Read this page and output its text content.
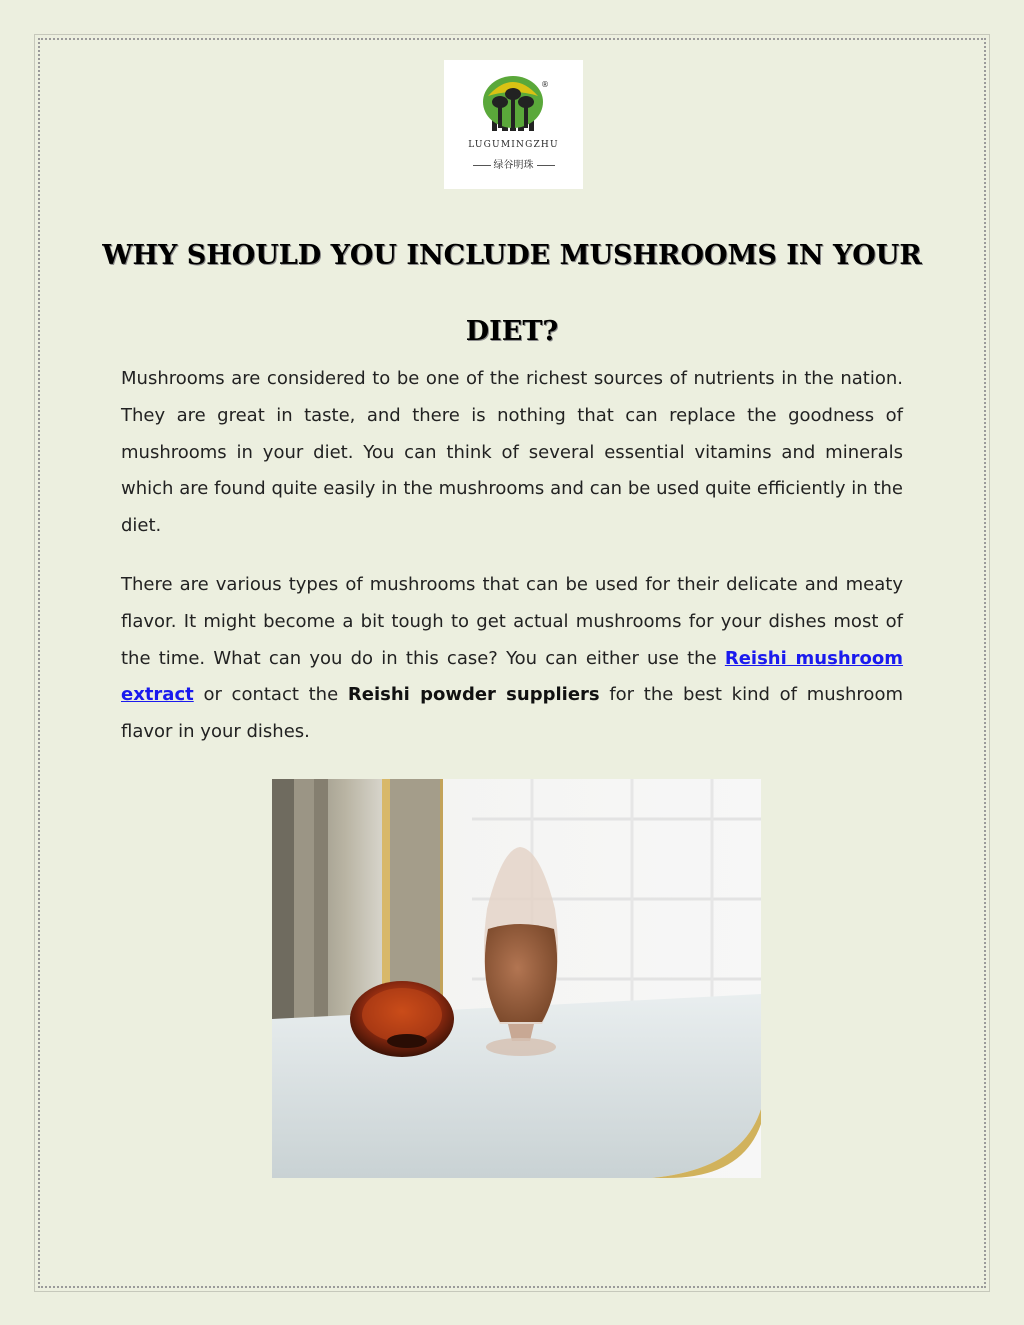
®
LUGUMINGZHU
绿谷明珠
WHY SHOULD YOU INCLUDE MUSHROOMS IN YOUR DIET?

Mushrooms are considered to be one of the richest sources of nutrients in the nation. They are great in taste, and there is nothing that can replace the goodness of mushrooms in your diet. You can think of several essential vitamins and minerals which are found quite easily in the mushrooms and can be used quite efficiently in the diet.

There are various types of mushrooms that can be used for their delicate and meaty flavor. It might become a bit tough to get actual mushrooms for your dishes most of the time. What can you do in this case? You can either use the Reishi mushroom extract or contact the Reishi powder suppliers for the best kind of mushroom flavor in your dishes.
